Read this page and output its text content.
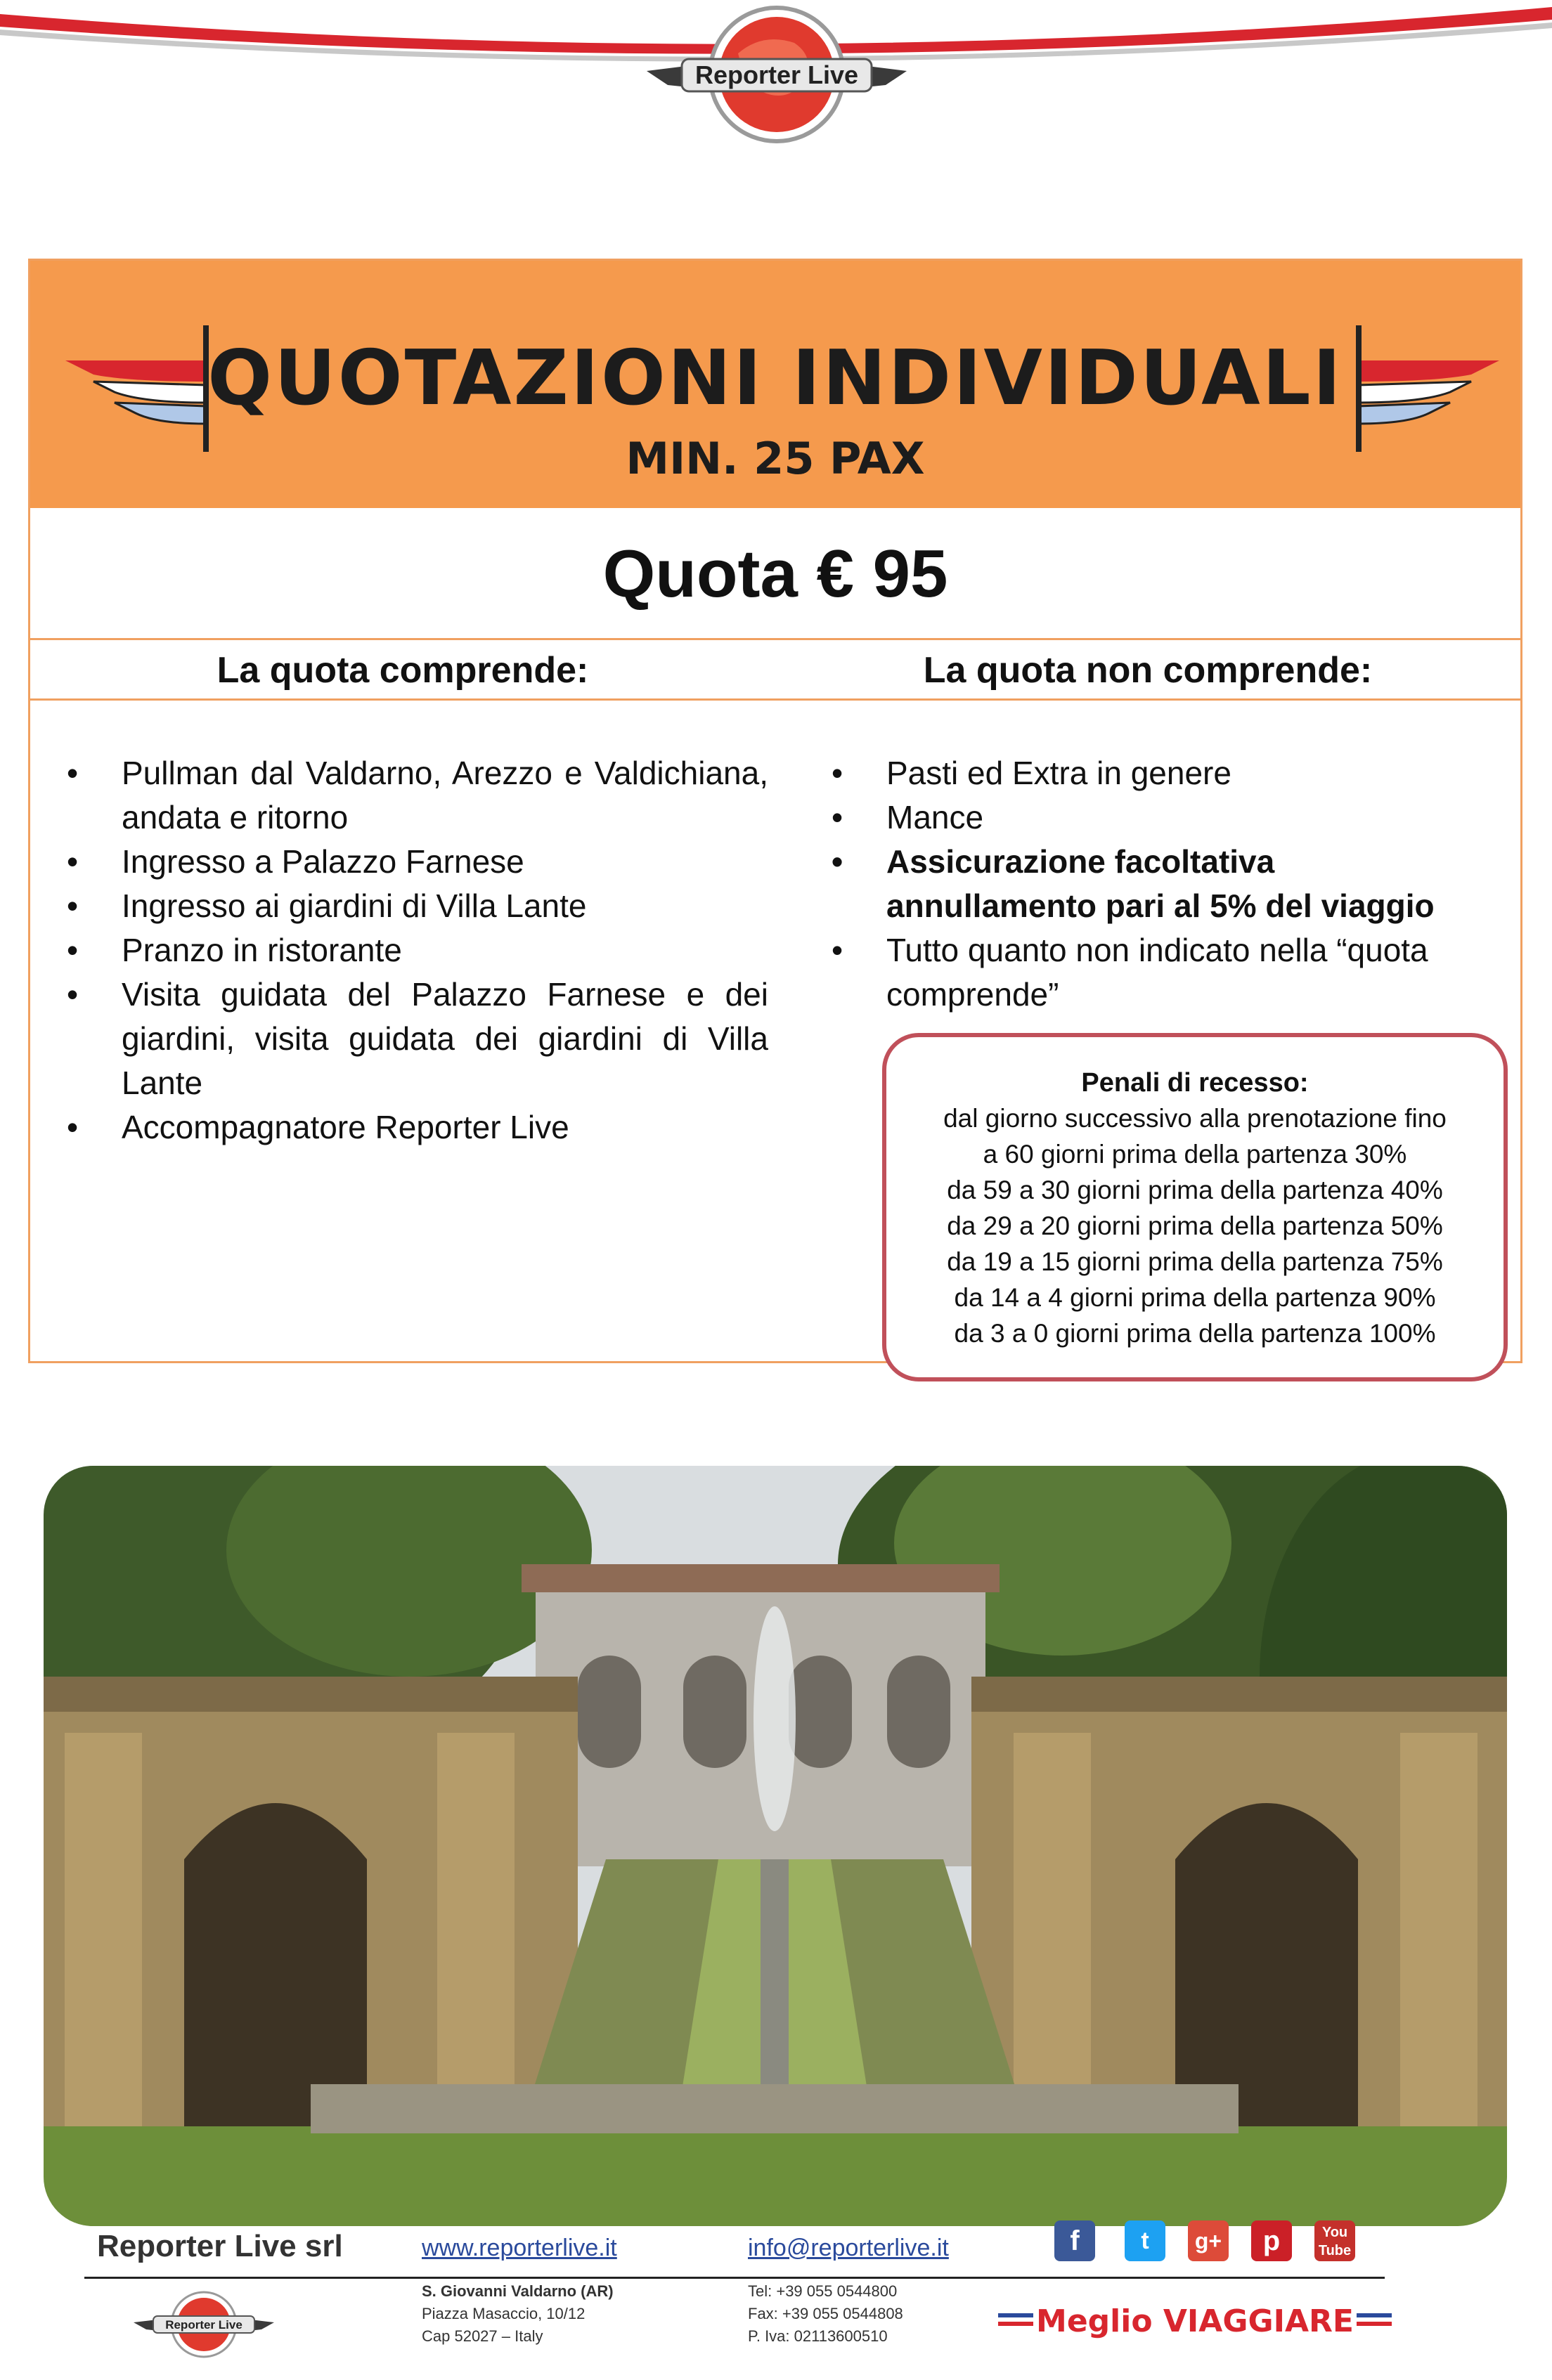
Reporter Live
QUOTAZIONI INDIVIDUALI
MIN. 25 PAX
Quota € 95
La quota comprende:	La quota non comprende:
• Pullman dal Valdarno, Arezzo e Valdichiana, andata e ritorno
• Ingresso a Palazzo Farnese
• Ingresso ai giardini di Villa Lante
• Pranzo in ristorante
• Visita guidata del Palazzo Farnese e dei giardini, visita guidata dei giardini di Villa Lante
• Accompagnatore Reporter Live
• Pasti ed Extra in genere
• Mance
• Assicurazione facoltativa annullamento pari al 5% del viaggio
• Tutto quanto non indicato nella “quota comprende”
Penali di recesso:
dal giorno successivo alla prenotazione fino
a 60 giorni prima della partenza 30%
da 59 a 30 giorni prima della partenza 40%
da 29 a 20 giorni prima della partenza 50%
da 19 a 15 giorni prima della partenza 75%
da 14 a 4 giorni prima della partenza 90%
da 3 a 0 giorni prima della partenza 100%
Reporter Live srl	www.reporterlive.it	info@reporterlive.it	f	t	g+	p	You
Tube
Reporter Live
S. Giovanni Valdarno (AR)
Piazza Masaccio, 10/12
Cap 52027 – Italy
Tel: +39 055 0544800
Fax: +39 055 0544808
P. Iva: 02113600510	Meglio VIAGGIARE
